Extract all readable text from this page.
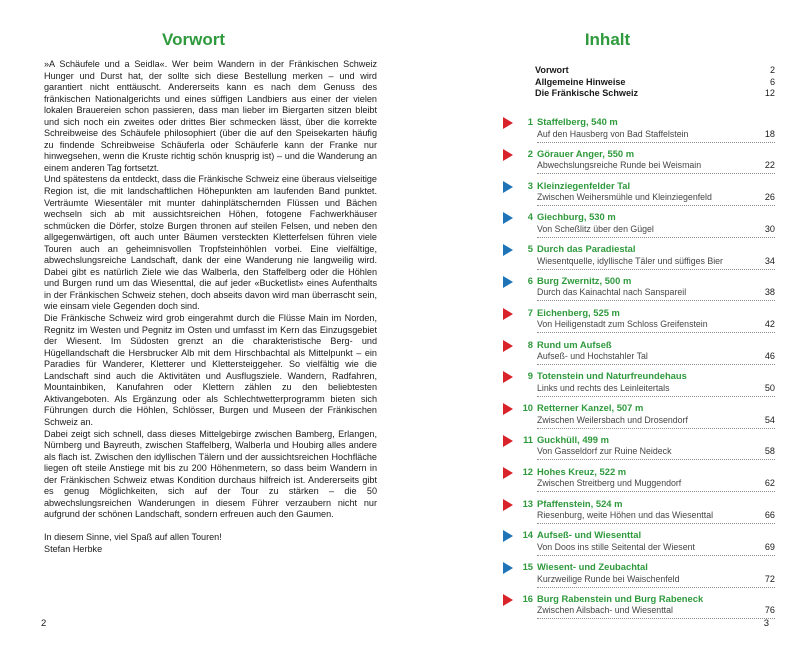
Vorwort

»A Schäufele und a Seidla«. Wer beim Wandern in der Fränkischen Schweiz Hunger und Durst hat, der sollte sich diese Bestellung merken – und wird garantiert nicht enttäuscht. Andererseits kann es nach dem Genuss des fränkischen Nationalgerichts und eines süffigen Landbiers aus einer der vielen lokalen Brauereien schon passieren, dass man lieber im Biergarten sitzen bleibt und sich noch ein zweites oder drittes Bier schmecken lässt, über die korrekte Schreibweise des Schäufele philosophiert (über die auf den Speisekarten häufig zu findende Schreibweise Schäuferla oder Schäuferle kann der Franke nur hinwegsehen, wenn die Kruste richtig schön knusprig ist) – und die Wanderung an einem anderen Tag fortsetzt.

Und spätestens da entdeckt, dass die Fränkische Schweiz eine überaus vielseitige Region ist, die mit landschaftlichen Höhepunkten am laufenden Band punktet. Verträumte Wiesentäler mit munter dahinplätschernden Flüssen und Bächen wechseln sich ab mit aussichtsreichen Höhen, fotogene Fachwerkhäuser schmücken die Dörfer, stolze Burgen thronen auf steilen Felsen, und neben den allgegenwärtigen, oft auch unter Bäumen versteckten Kletterfelsen führen viele Touren auch an geheimnisvollen Tropfsteinhöhlen vorbei. Eine vielfältige, abwechslungsreiche Landschaft, dank der eine Wanderung nie langweilig wird. Dabei gibt es natürlich Ziele wie das Walberla, den Staffelberg oder die Höhlen und Burgen rund um das Wiesenttal, die auf jeder «Bucketlist» eines Aufenthalts in der Fränkischen Schweiz stehen, doch abseits davon wird man überrascht sein, wie einsam viele Gegenden doch sind.

Die Fränkische Schweiz wird grob eingerahmt durch die Flüsse Main im Norden, Regnitz im Westen und Pegnitz im Osten und umfasst im Kern das Einzugsgebiet der Wiesent. Im Südosten grenzt an die charakteristische Berg- und Hügellandschaft die Hersbrucker Alb mit dem Hirschbachtal als Mittelpunkt – ein Paradies für Wanderer, Kletterer und Klettersteiggeher. So vielfältig wie die Landschaft sind auch die Aktivitäten und Ausflugsziele. Wandern, Radfahren, Mountainbiken, Kanufahren oder Klettern zählen zu den beliebtesten Aktivangeboten. Als Ergänzung oder als Schlechtwetterprogramm bieten sich Führungen durch die Höhlen, Schlösser, Burgen und Museen der Fränkischen Schweiz an.

Dabei zeigt sich schnell, dass dieses Mittelgebirge zwischen Bamberg, Erlangen, Nürnberg und Bayreuth, zwischen Staffelberg, Walberla und Houbirg alles andere als flach ist. Zwischen den idyllischen Tälern und der aussichtsreichen Hochfläche liegen oft steile Anstiege mit bis zu 200 Höhenmetern, so dass beim Wandern in der Fränkischen Schweiz etwas Kondition durchaus hilfreich ist. Andererseits gibt es genug Möglichkeiten, sich auf der Tour zu stärken – die 50 abwechslungsreichen Wanderungen in diesem Führer verzaubern nicht nur aufgrund der schönen Landschaft, sondern erfreuen auch den Gaumen.

In diesem Sinne, viel Spaß auf allen Touren!

Stefan Herbke

2
Inhalt
Vorwort	2
Allgemeine Hinweise	6
Die Fränkische Schweiz	12
1 Staffelberg, 540 m
Auf den Hausberg von Bad Staffelstein	18
2 Görauer Anger, 550 m
Abwechslungsreiche Runde bei Weismain	22
3 Kleinziegenfelder Tal
Zwischen Weihersmühle und Kleinziegenfeld	26
4 Giechburg, 530 m
Von Scheßlitz über den Gügel	30
5 Durch das Paradiestal
Wiesentquelle, idyllische Täler und süffiges Bier	34
6 Burg Zwernitz, 500 m
Durch das Kainachtal nach Sanspareil	38
7 Eichenberg, 525 m
Von Heiligenstadt zum Schloss Greifenstein	42
8 Rund um Aufseß
Aufseß- und Hochstahler Tal	46
9 Totenstein und Naturfreundehaus
Links und rechts des Leinleitertals	50
10 Retterner Kanzel, 507 m
Zwischen Weilersbach und Drosendorf	54
11 Guckhüll, 499 m
Von Gasseldorf zur Ruine Neideck	58
12 Hohes Kreuz, 522 m
Zwischen Streitberg und Muggendorf	62
13 Pfaffenstein, 524 m
Riesenburg, weite Höhen und das Wiesenttal	66
14 Aufseß- und Wiesenttal
Von Doos ins stille Seitental der Wiesent	69
15 Wiesent- und Zeubachtal
Kurzweilige Runde bei Waischenfeld	72
16 Burg Rabenstein und Burg Rabeneck
Zwischen Ailsbach- und Wiesenttal	76
3
